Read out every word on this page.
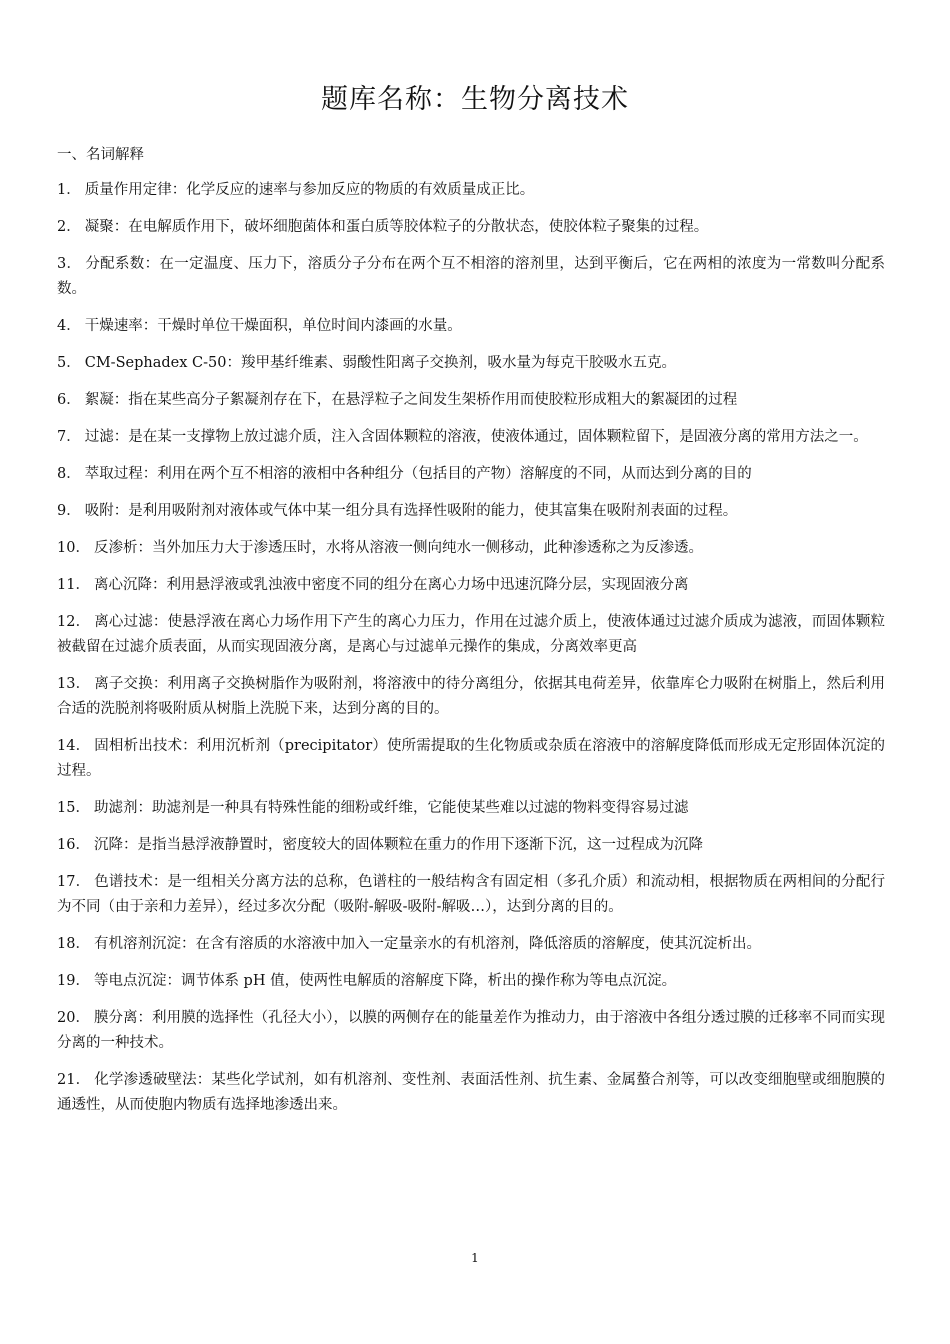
题库名称：生物分离技术
一、名词解释
1． 质量作用定律：化学反应的速率与参加反应的物质的有效质量成正比。
2． 凝聚：在电解质作用下，破坏细胞菌体和蛋白质等胶体粒子的分散状态，使胶体粒子聚集的过程。
3． 分配系数：在一定温度、压力下，溶质分子分布在两个互不相溶的溶剂里，达到平衡后，它在两相的浓度为一常数叫分配系数。
4． 干燥速率：干燥时单位干燥面积，单位时间内漆画的水量。
5． CM-Sephadex C-50：羧甲基纤维素、弱酸性阳离子交换剂，吸水量为每克干胶吸水五克。
6． 絮凝：指在某些高分子絮凝剂存在下，在悬浮粒子之间发生架桥作用而使胶粒形成粗大的絮凝团的过程
7． 过滤：是在某一支撑物上放过滤介质，注入含固体颗粒的溶液，使液体通过，固体颗粒留下，是固液分离的常用方法之一。
8． 萃取过程：利用在两个互不相溶的液相中各种组分（包括目的产物）溶解度的不同，从而达到分离的目的
9． 吸附：是利用吸附剂对液体或气体中某一组分具有选择性吸附的能力，使其富集在吸附剂表面的过程。
10． 反渗析：当外加压力大于渗透压时，水将从溶液一侧向纯水一侧移动，此种渗透称之为反渗透。
11． 离心沉降：利用悬浮液或乳浊液中密度不同的组分在离心力场中迅速沉降分层，实现固液分离
12． 离心过滤：使悬浮液在离心力场作用下产生的离心力压力，作用在过滤介质上，使液体通过过滤介质成为滤液，而固体颗粒被截留在过滤介质表面，从而实现固液分离，是离心与过滤单元操作的集成，分离效率更高
13． 离子交换：利用离子交换树脂作为吸附剂，将溶液中的待分离组分，依据其电荷差异，依靠库仑力吸附在树脂上，然后利用合适的洗脱剂将吸附质从树脂上洗脱下来，达到分离的目的。
14． 固相析出技术：利用沉析剂（precipitator）使所需提取的生化物质或杂质在溶液中的溶解度降低而形成无定形固体沉淀的过程。
15． 助滤剂：助滤剂是一种具有特殊性能的细粉或纤维，它能使某些难以过滤的物料变得容易过滤
16． 沉降：是指当悬浮液静置时，密度较大的固体颗粒在重力的作用下逐渐下沉，这一过程成为沉降
17． 色谱技术：是一组相关分离方法的总称，色谱柱的一般结构含有固定相（多孔介质）和流动相，根据物质在两相间的分配行为不同（由于亲和力差异），经过多次分配（吸附-解吸-吸附-解吸…），达到分离的目的。
18． 有机溶剂沉淀：在含有溶质的水溶液中加入一定量亲水的有机溶剂，降低溶质的溶解度，使其沉淀析出。
19． 等电点沉淀：调节体系 pH 值，使两性电解质的溶解度下降，析出的操作称为等电点沉淀。
20． 膜分离：利用膜的选择性（孔径大小），以膜的两侧存在的能量差作为推动力，由于溶液中各组分透过膜的迁移率不同而实现分离的一种技术。
21． 化学渗透破壁法：某些化学试剂，如有机溶剂、变性剂、表面活性剂、抗生素、金属螯合剂等，可以改变细胞壁或细胞膜的通透性，从而使胞内物质有选择地渗透出来。
1
